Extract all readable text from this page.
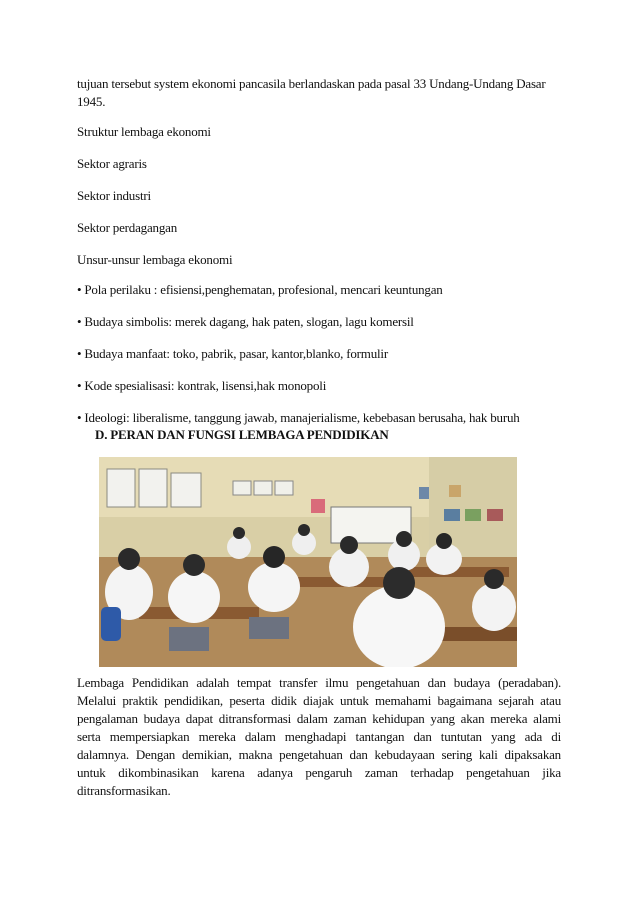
tujuan tersebut system ekonomi pancasila berlandaskan pada pasal 33 Undang-Undang Dasar
1945.
Struktur lembaga ekonomi
Sektor agraris
Sektor industri
Sektor perdagangan
Unsur-unsur lembaga ekonomi
• Pola perilaku : efisiensi,penghematan, profesional, mencari keuntungan
• Budaya simbolis: merek dagang, hak paten, slogan, lagu komersil
• Budaya manfaat: toko, pabrik, pasar, kantor,blanko, formulir
• Kode spesialisasi: kontrak, lisensi,hak monopoli
• Ideologi: liberalisme, tanggung jawab, manajerialisme, kebebasan berusaha, hak buruh
D. PERAN DAN FUNGSI LEMBAGA PENDIDIKAN
Lembaga Pendidikan adalah tempat transfer ilmu pengetahuan dan budaya (peradaban).
Melalui praktik pendidikan, peserta didik diajak untuk memahami bagaimana sejarah atau
pengalaman budaya dapat ditransformasi dalam zaman kehidupan yang akan mereka alami
serta mempersiapkan mereka dalam menghadapi tantangan dan tuntutan yang ada di
dalamnya. Dengan demikian, makna pengetahuan dan kebudayaan sering kali dipaksakan
untuk dikombinasikan karena adanya pengaruh zaman terhadap pengetahuan jika
ditransformasikan.
